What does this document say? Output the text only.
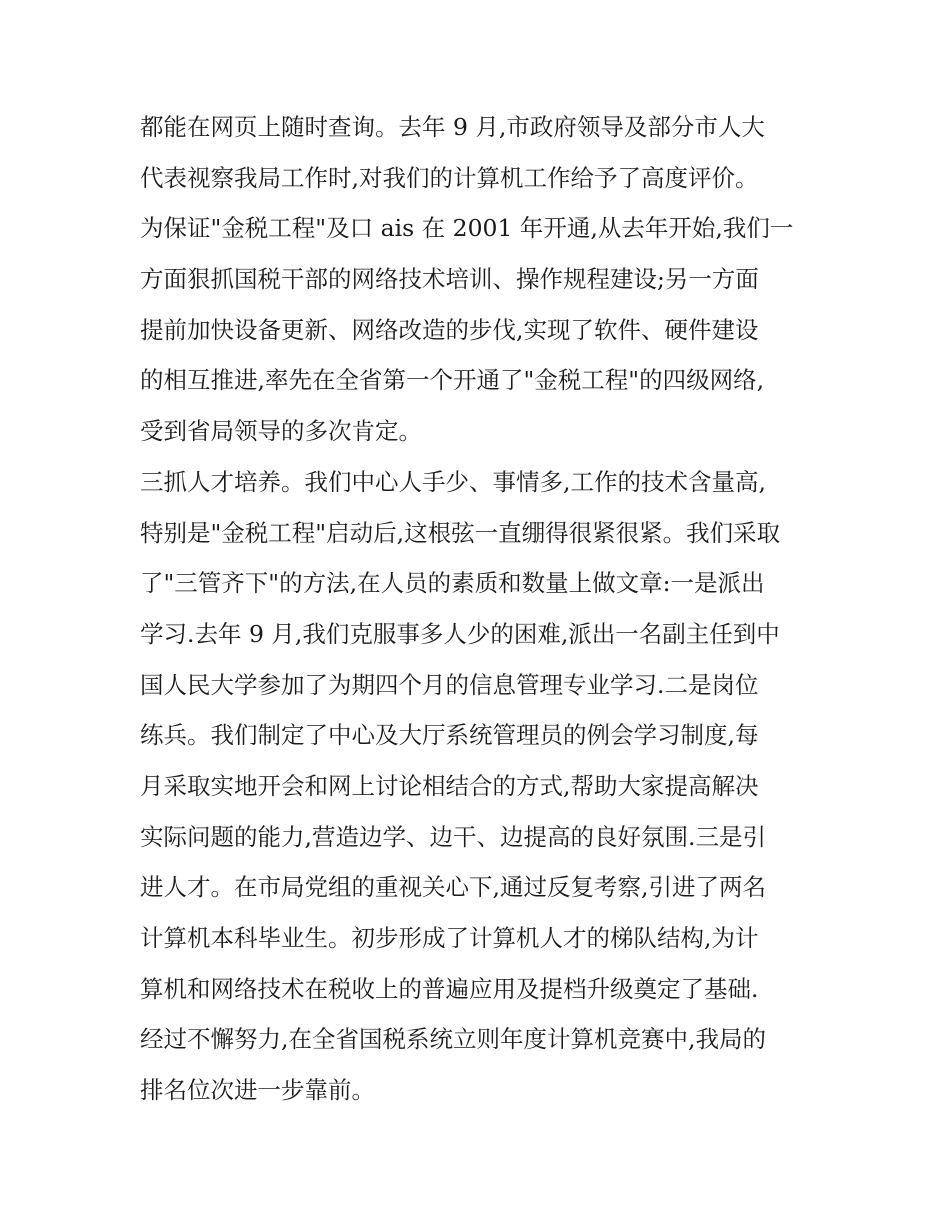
都能在网页上随时查询。去年 9 月,市政府领导及部分市人大
代表视察我局工作时,对我们的计算机工作给予了高度评价。
为保证"金税工程"及口 ais 在 2001 年开通,从去年开始,我们一
方面狠抓国税干部的网络技术培训、操作规程建设;另一方面
提前加快设备更新、网络改造的步伐,实现了软件、硬件建设
的相互推进,率先在全省第一个开通了"金税工程"的四级网络,
受到省局领导的多次肯定。
三抓人才培养。我们中心人手少、事情多,工作的技术含量高,
特别是"金税工程"启动后,这根弦一直绷得很紧很紧。我们采取
了"三管齐下"的方法,在人员的素质和数量上做文章:一是派出
学习.去年 9 月,我们克服事多人少的困难,派出一名副主任到中
国人民大学参加了为期四个月的信息管理专业学习.二是岗位
练兵。我们制定了中心及大厅系统管理员的例会学习制度,每
月采取实地开会和网上讨论相结合的方式,帮助大家提高解决
实际问题的能力,营造边学、边干、边提高的良好氛围.三是引
进人才。在市局党组的重视关心下,通过反复考察,引进了两名
计算机本科毕业生。初步形成了计算机人才的梯队结构,为计
算机和网络技术在税收上的普遍应用及提档升级奠定了基础.
经过不懈努力,在全省国税系统立则年度计算机竞赛中,我局的
排名位次进一步靠前。
